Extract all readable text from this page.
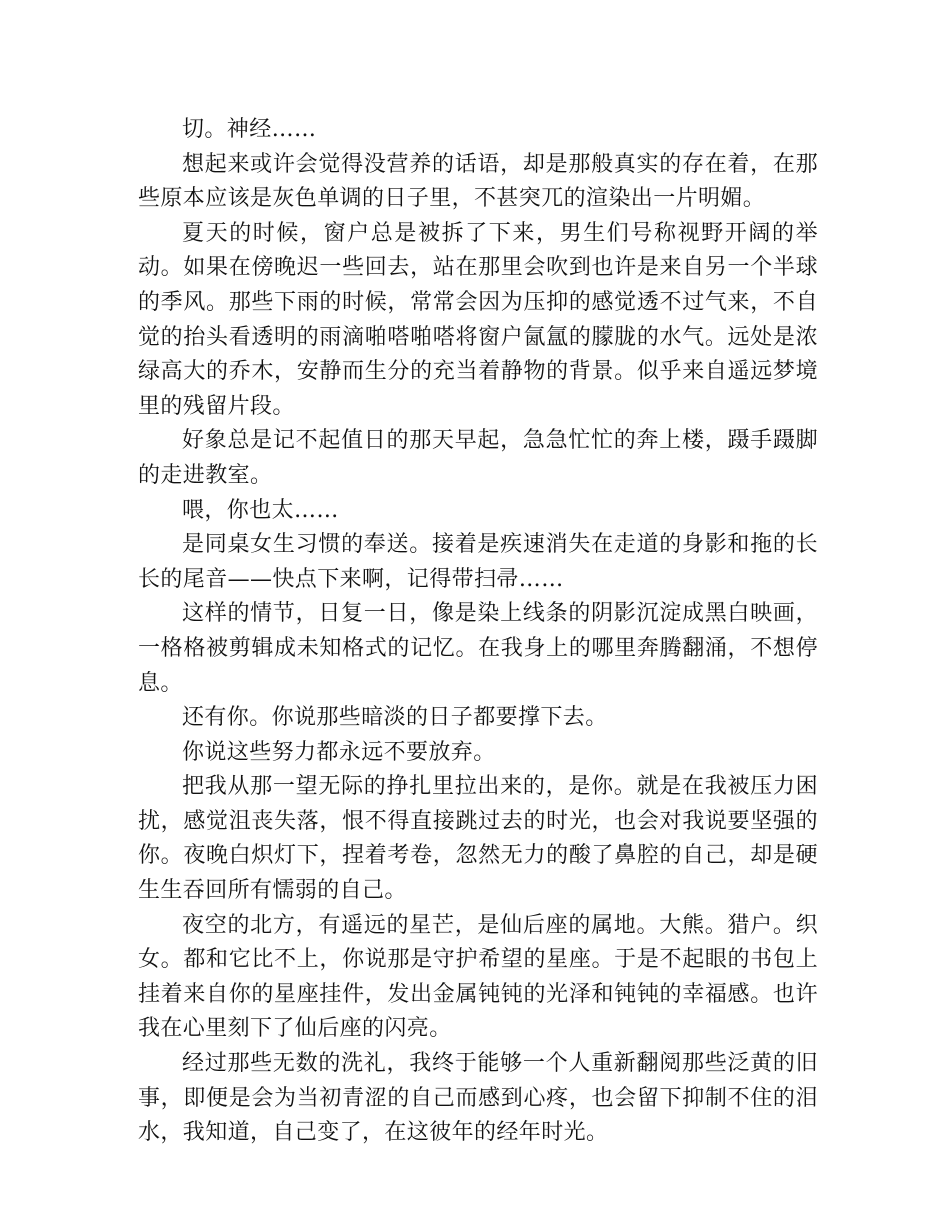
切。神经……

想起来或许会觉得没营养的话语，却是那般真实的存在着，在那些原本应该是灰色单调的日子里，不甚突兀的渲染出一片明媚。

夏天的时候，窗户总是被拆了下来，男生们号称视野开阔的举动。如果在傍晚迟一些回去，站在那里会吹到也许是来自另一个半球的季风。那些下雨的时候，常常会因为压抑的感觉透不过气来，不自觉的抬头看透明的雨滴啪嗒啪嗒将窗户氤氲的朦胧的水气。远处是浓绿高大的乔木，安静而生分的充当着静物的背景。似乎来自遥远梦境里的残留片段。

好象总是记不起值日的那天早起，急急忙忙的奔上楼，蹑手蹑脚的走进教室。

喂，你也太……

是同桌女生习惯的奉送。接着是疾速消失在走道的身影和拖的长长的尾音——快点下来啊，记得带扫帚……

这样的情节，日复一日，像是染上线条的阴影沉淀成黑白映画，一格格被剪辑成未知格式的记忆。在我身上的哪里奔腾翻涌，不想停息。

还有你。你说那些暗淡的日子都要撑下去。

你说这些努力都永远不要放弃。

把我从那一望无际的挣扎里拉出来的，是你。就是在我被压力困扰，感觉沮丧失落，恨不得直接跳过去的时光，也会对我说要坚强的你。夜晚白炽灯下，捏着考卷，忽然无力的酸了鼻腔的自己，却是硬生生吞回所有懦弱的自己。

夜空的北方，有遥远的星芒，是仙后座的属地。大熊。猎户。织女。都和它比不上，你说那是守护希望的星座。于是不起眼的书包上挂着来自你的星座挂件，发出金属钝钝的光泽和钝钝的幸福感。也许我在心里刻下了仙后座的闪亮。

经过那些无数的洗礼，我终于能够一个人重新翻阅那些泛黄的旧事，即便是会为当初青涩的自己而感到心疼，也会留下抑制不住的泪水，我知道，自己变了，在这彼年的经年时光。
